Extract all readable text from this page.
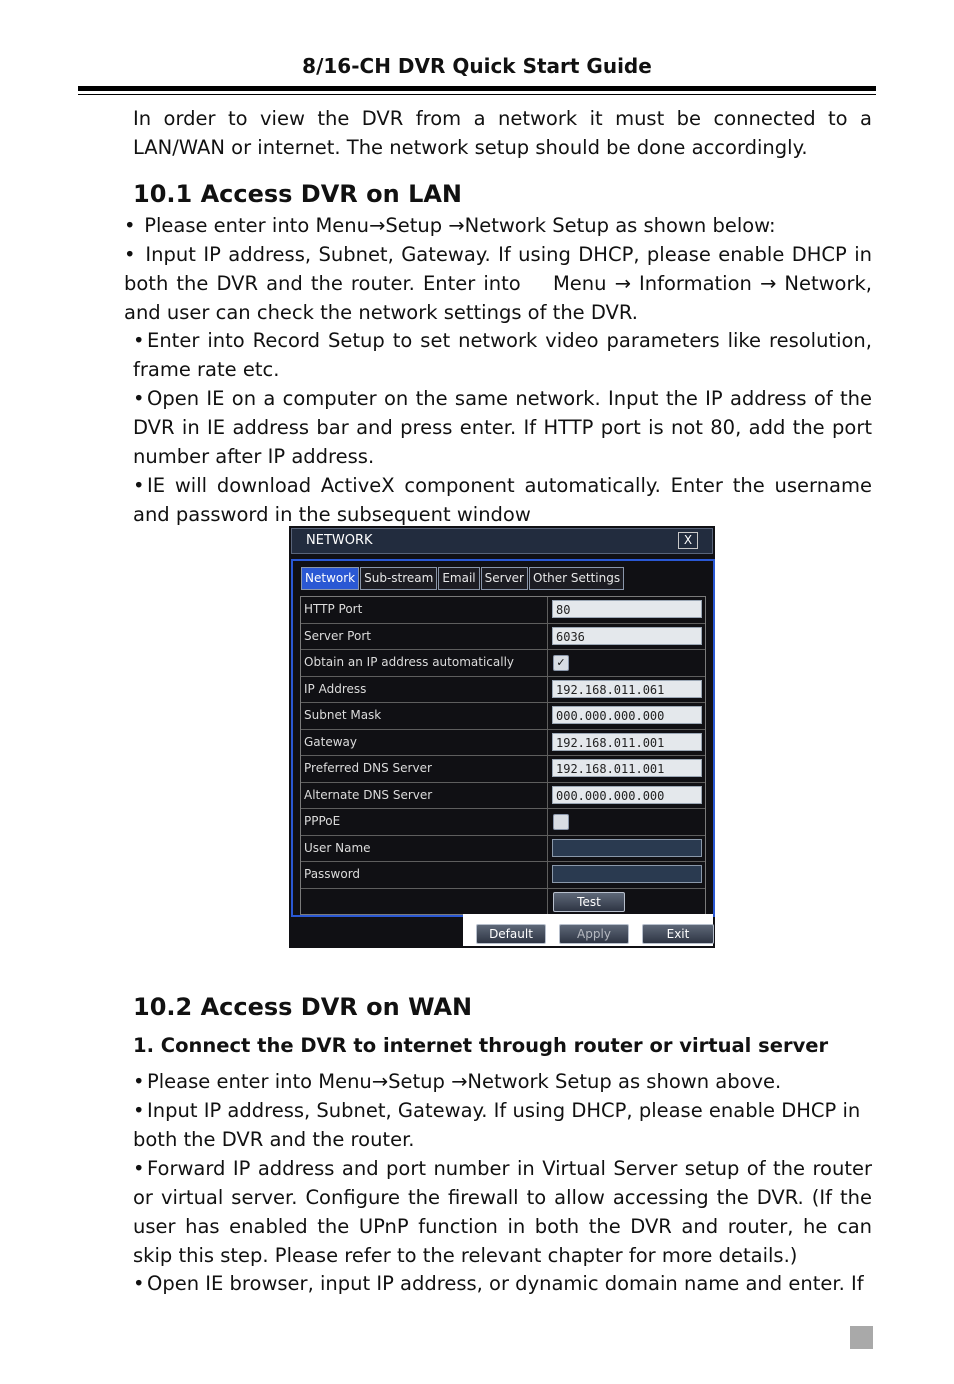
8/16-CH DVR Quick Start Guide

In order to view the DVR from a network it must be connected to a LAN/WAN or internet. The network setup should be done accordingly.

10.1 Access DVR on LAN

• Please enter into Menu→Setup →Network Setup as shown below:

• Input IP address, Subnet, Gateway. If using DHCP, please enable DHCP in both the DVR and the router. Enter into    Menu → Information → Network, and user can check the network settings of the DVR.

• Enter into Record Setup to set network video parameters like resolution, frame rate etc.

• Open IE on a computer on the same network. Input the IP address of the DVR in IE address bar and press enter. If HTTP port is not 80, add the port number after IP address.

• IE will download ActiveX component automatically. Enter the username and password in the subsequent window

NETWORK	X
Network Sub-stream Email Server Other Settings
HTTP Port	80
Server Port	6036
Obtain an IP address automatically	✓
IP Address	192.168.011.061
Subnet Mask	000.000.000.000
Gateway	192.168.011.001
Preferred DNS Server	192.168.011.001
Alternate DNS Server	000.000.000.000
PPPoE
User Name
Password
Test
Default	Apply	Exit
10.2 Access DVR on WAN
1. Connect the DVR to internet through router or virtual server

• Please enter into Menu→Setup →Network Setup as shown above.

• Input IP address, Subnet, Gateway. If using DHCP, please enable DHCP in both the DVR and the router.

• Forward IP address and port number in Virtual Server setup of the router or virtual server. Configure the firewall to allow accessing the DVR. (If the user has enabled the UPnP function in both the DVR and router, he can skip this step. Please refer to the relevant chapter for more details.)

• Open IE browser, input IP address, or dynamic domain name and enter. If
